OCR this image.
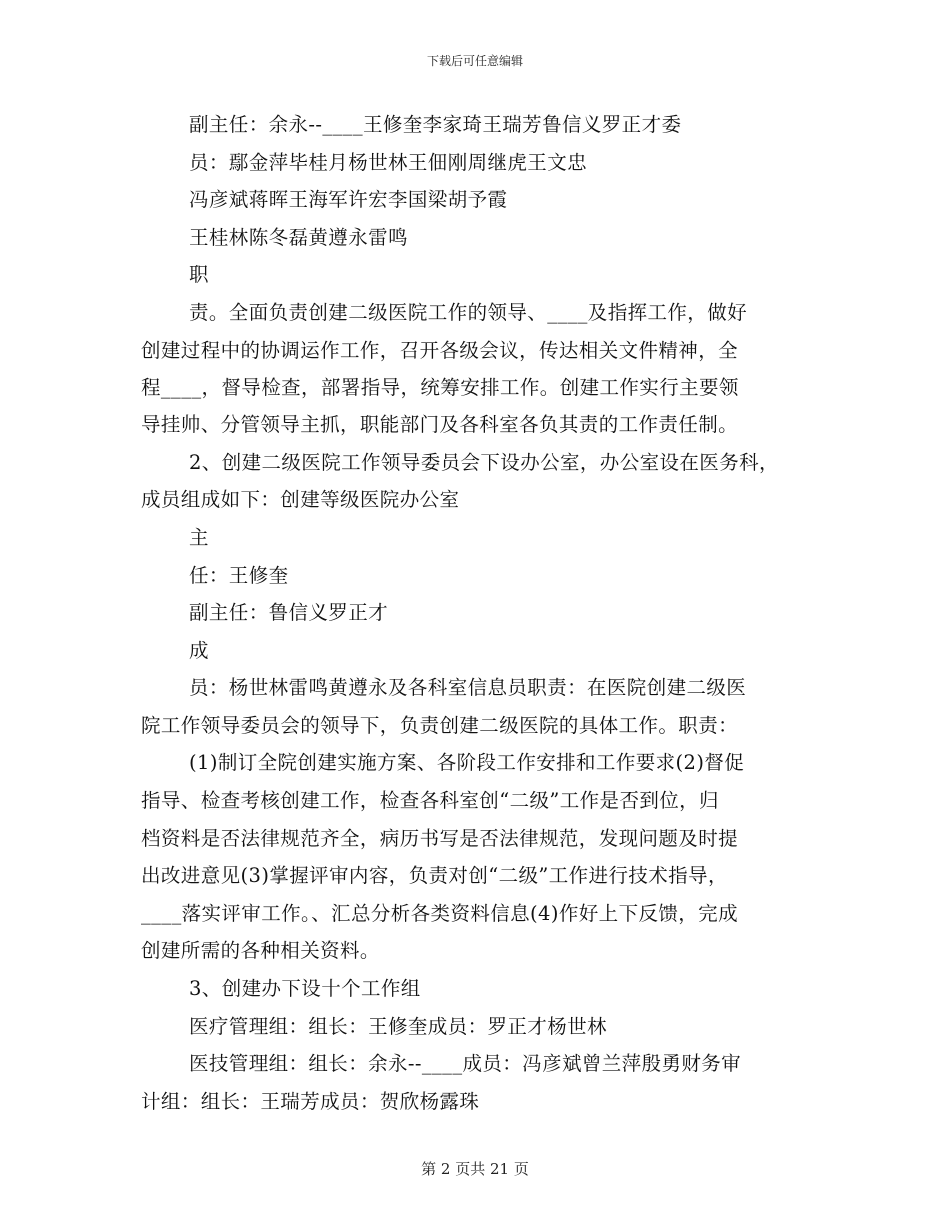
下载后可任意编辑
副主任：余永--____王修奎李家琦王瑞芳鲁信义罗正才委
员：鄢金萍毕桂月杨世林王佃刚周继虎王文忠
冯彦斌蒋晖王海军许宏李国梁胡予霞
王桂林陈冬磊黄遵永雷鸣
职
责。全面负责创建二级医院工作的领导、____及指挥工作，做好
创建过程中的协调运作工作，召开各级会议，传达相关文件精神，全
程____，督导检查，部署指导，统筹安排工作。创建工作实行主要领
导挂帅、分管领导主抓，职能部门及各科室各负其责的工作责任制。
2、创建二级医院工作领导委员会下设办公室，办公室设在医务科，
成员组成如下：创建等级医院办公室
主
任：王修奎
副主任：鲁信义罗正才
成
员：杨世林雷鸣黄遵永及各科室信息员职责：在医院创建二级医
院工作领导委员会的领导下，负责创建二级医院的具体工作。职责：
(1)制订全院创建实施方案、各阶段工作安排和工作要求(2)督促
指导、检查考核创建工作，检查各科室创“二级”工作是否到位，归
档资料是否法律规范齐全，病历书写是否法律规范，发现问题及时提
出改进意见(3)掌握评审内容，负责对创“二级”工作进行技术指导，
____落实评审工作。、汇总分析各类资料信息(4)作好上下反馈，完成
创建所需的各种相关资料。
3、创建办下设十个工作组
医疗管理组：组长：王修奎成员：罗正才杨世林
医技管理组：组长：余永--____成员：冯彦斌曾兰萍殷勇财务审
计组：组长：王瑞芳成员：贺欣杨露珠
第 2 页共 21 页
